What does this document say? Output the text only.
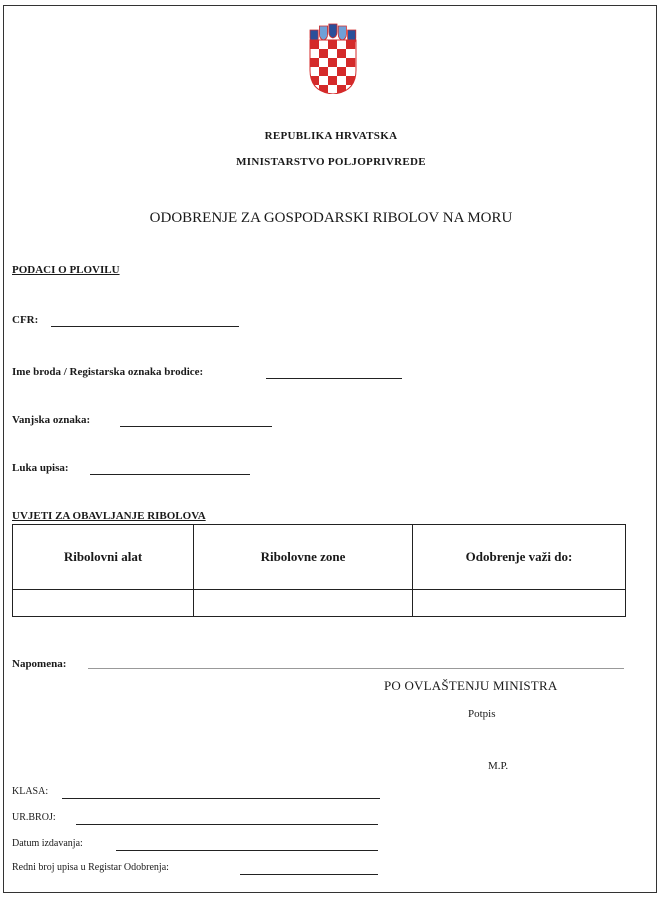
REPUBLIKA HRVATSKA
MINISTARSTVO POLJOPRIVREDE
ODOBRENJE ZA GOSPODARSKI RIBOLOV NA MORU
PODACI O PLOVILU
CFR:
Ime broda / Registarska oznaka brodice:
Vanjska oznaka:
Luka upisa:
UVJETI ZA OBAVLJANJE RIBOLOVA
Ribolovni alat	Ribolovne zone	Odobrenje važi do:

Napomena:
PO OVLAŠTENJU MINISTRA
Potpis
M.P.
KLASA:
UR.BROJ:
Datum izdavanja:
Redni broj upisa u Registar Odobrenja:
